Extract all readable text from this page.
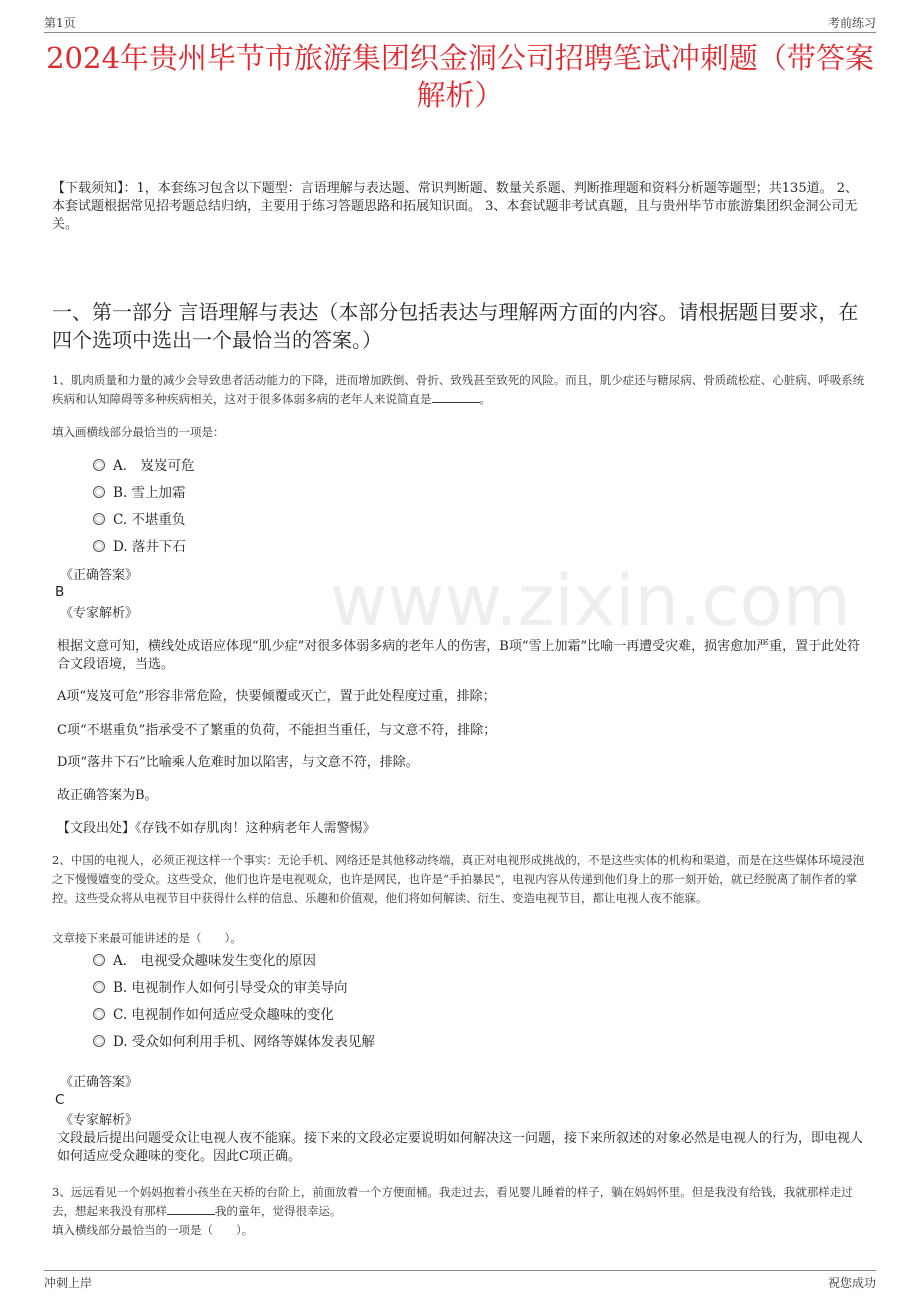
第1页	考前练习
2024年贵州毕节市旅游集团织金洞公司招聘笔试冲刺题（带答案解析）
【下载须知】：1，本套练习包含以下题型：言语理解与表达题、常识判断题、数量关系题、判断推理题和资料分析题等题型；共135道。 2、本套试题根据常见招考题总结归纳，主要用于练习答题思路和拓展知识面。 3、本套试题非考试真题，且与贵州毕节市旅游集团织金洞公司无关。
一、第一部分 言语理解与表达（本部分包括表达与理解两方面的内容。请根据题目要求，在四个选项中选出一个最恰当的答案。）
www.zixin.com
1、肌肉质量和力量的减少会导致患者活动能力的下降，进而增加跌倒、骨折、致残甚至致死的风险。而且，肌少症还与糖尿病、骨质疏松症、心脏病、呼吸系统疾病和认知障碍等多种疾病相关，这对于很多体弱多病的老年人来说简直是	。
填入画横线部分最恰当的一项是：
A． 岌岌可危
B. 雪上加霜
C. 不堪重负
D. 落井下石
《正确答案》
B
《专家解析》
根据文意可知，横线处成语应体现“肌少症”对很多体弱多病的老年人的伤害，B项“雪上加霜”比喻一再遭受灾难，损害愈加严重，置于此处符合文段语境，当选。
A项“岌岌可危”形容非常危险，快要倾覆或灭亡，置于此处程度过重，排除；
C项“不堪重负”指承受不了繁重的负荷，不能担当重任，与文意不符，排除；
D项“落井下石”比喻乘人危难时加以陷害，与文意不符，排除。
故正确答案为B。
【文段出处】《存钱不如存肌肉！这种病老年人需警惕》
2、中国的电视人，必须正视这样一个事实：无论手机、网络还是其他移动终端，真正对电视形成挑战的，不是这些实体的机构和渠道，而是在这些媒体环境浸泡之下慢慢嬗变的受众。这些受众，他们也许是电视观众，也许是网民，也许是“手拍暴民”，电视内容从传递到他们身上的那一刻开始，就已经脱离了制作者的掌控。这些受众将从电视节目中获得什么样的信息、乐趣和价值观，他们将如何解读、衍生、变造电视节目，都让电视人夜不能寐。
文章接下来最可能讲述的是（　　）。
A． 电视受众趣味发生变化的原因
B. 电视制作人如何引导受众的审美导向
C. 电视制作如何适应受众趣味的变化
D. 受众如何利用手机、网络等媒体发表见解
《正确答案》
C
《专家解析》
文段最后提出问题受众让电视人夜不能寐。接下来的文段必定要说明如何解决这一问题，接下来所叙述的对象必然是电视人的行为，即电视人如何适应受众趣味的变化。因此C项正确。
3、远远看见一个妈妈抱着小孩坐在天桥的台阶上，前面放着一个方便面桶。我走过去，看见婴儿睡着的样子，躺在妈妈怀里。但是我没有给钱，我就那样走过去，想起来我没有那样	我的童年，觉得很幸运。
填入横线部分最恰当的一项是（　　）。
冲刺上岸	祝您成功
